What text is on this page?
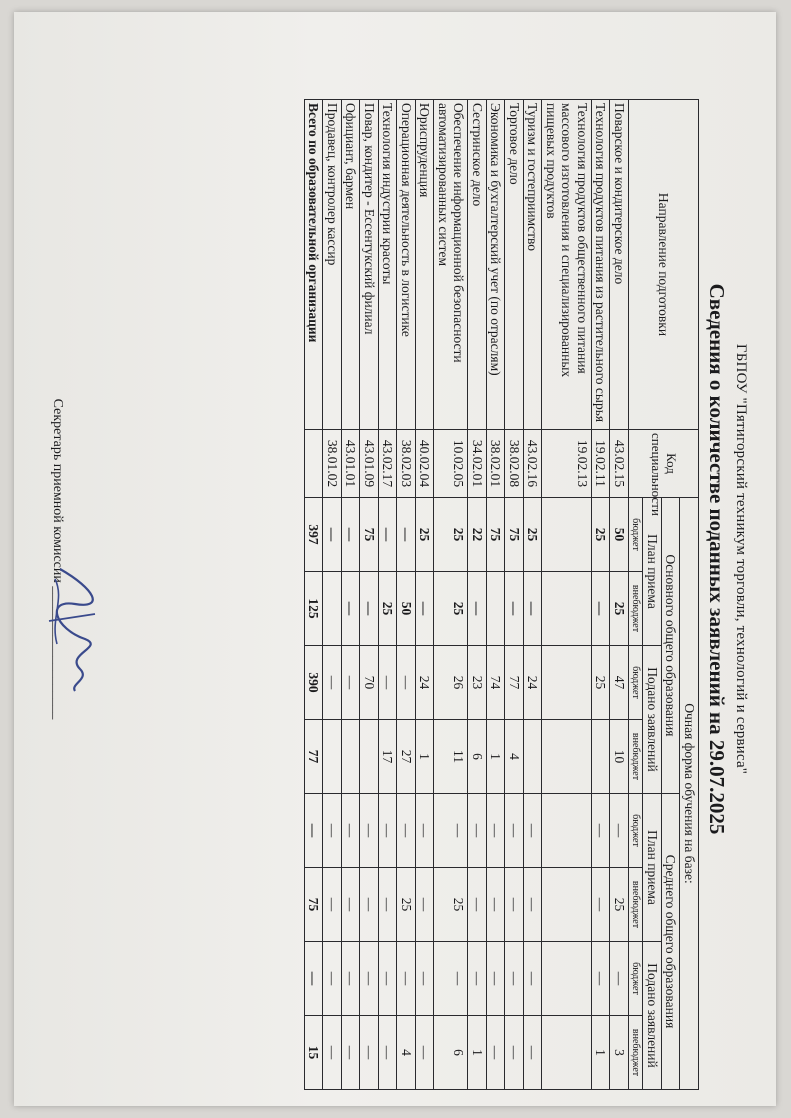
ГБПОУ "Пятигорский техникум торговли, технологий и сервиса"
Сведения о количестве поданных заявлений на 29.07.2025
Направление подготовки	Код специальности	Очная форма обучения на базе:							
		Основного общего образования				Среднего общего образования			
		План приема		Подано заявлений		План приема		Подано заявлений	
		бюджет	внебюджет	бюджет	внебюджет	бюджет	внебюджет	бюджет	внебюджет
Поварское и кондитерское дело	43.02.15	50	25	47	10	—	25	—	3
Технология продуктов питания из растительного сырья	19.02.11	25	—	25		—	—	—	1
Технология продуктов общественного питания массового изготовления и специализированных пищевых продуктов	19.02.13								
Туризм и гостеприимство	43.02.16	25	—	24		—	—	—	—
Торговое дело	38.02.08	75	—	77	4	—	—	—	—
Экономика и бухгалтерский учет (по отраслям)	38.02.01	75		74	1	—	—	—	—
Сестринское дело	34.02.01	22	—	23	6	—	—	—	1
Обеспечение информационной безопасности автоматизированных систем	10.02.05	25	25	26	11	—	25	—	6
Юриспруденция	40.02.04	25	—	24	1	—	—	—	—
Операционная деятельность в логистике	38.02.03	—	50	—	27	—	25	—	4
Технология индустрии красоты	43.02.17	—	25	—	17	—	—	—	—
Повар, кондитер - Ессентукский филиал	43.01.09	75	—	70		—	—	—	—
Официант, бармен	43.01.01	—	—	—		—	—	—	—
Продавец, контролер кассир	38.01.02	—		—		—	—	—	—
Всего по образовательной организации		397	125	390	77	—	75	—	15
Секретарь приемной комиссии ___________________
